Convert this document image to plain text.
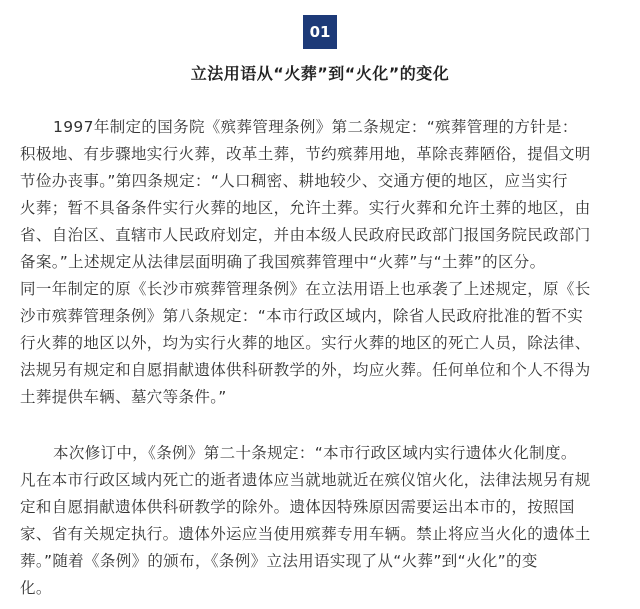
01
立法用语从“火葬”到“火化”的变化
1997年制定的国务院《殡葬管理条例》第二条规定：“殡葬管理的方针是：
积极地、有步骤地实行火葬，改革土葬，节约殡葬用地，革除丧葬陋俗，提倡文明
节俭办丧事。”第四条规定：“人口稠密、耕地较少、交通方便的地区，应当实行
火葬；暂不具备条件实行火葬的地区，允许土葬。实行火葬和允许土葬的地区，由
省、自治区、直辖市人民政府划定，并由本级人民政府民政部门报国务院民政部门
备案。”上述规定从法律层面明确了我国殡葬管理中“火葬”与“土葬”的区分。
同一年制定的原《长沙市殡葬管理条例》在立法用语上也承袭了上述规定，原《长
沙市殡葬管理条例》第八条规定：“本市行政区域内，除省人民政府批准的暂不实
行火葬的地区以外，均为实行火葬的地区。实行火葬的地区的死亡人员，除法律、
法规另有规定和自愿捐献遗体供科研教学的外，均应火葬。任何单位和个人不得为
土葬提供车辆、墓穴等条件。”
本次修订中，《条例》第二十条规定：“本市行政区域内实行遗体火化制度。
凡在本市行政区域内死亡的逝者遗体应当就地就近在殡仪馆火化，法律法规另有规
定和自愿捐献遗体供科研教学的除外。遗体因特殊原因需要运出本市的，按照国
家、省有关规定执行。遗体外运应当使用殡葬专用车辆。禁止将应当火化的遗体土
葬。”随着《条例》的颁布，《条例》立法用语实现了从“火葬”到“火化”的变
化。
